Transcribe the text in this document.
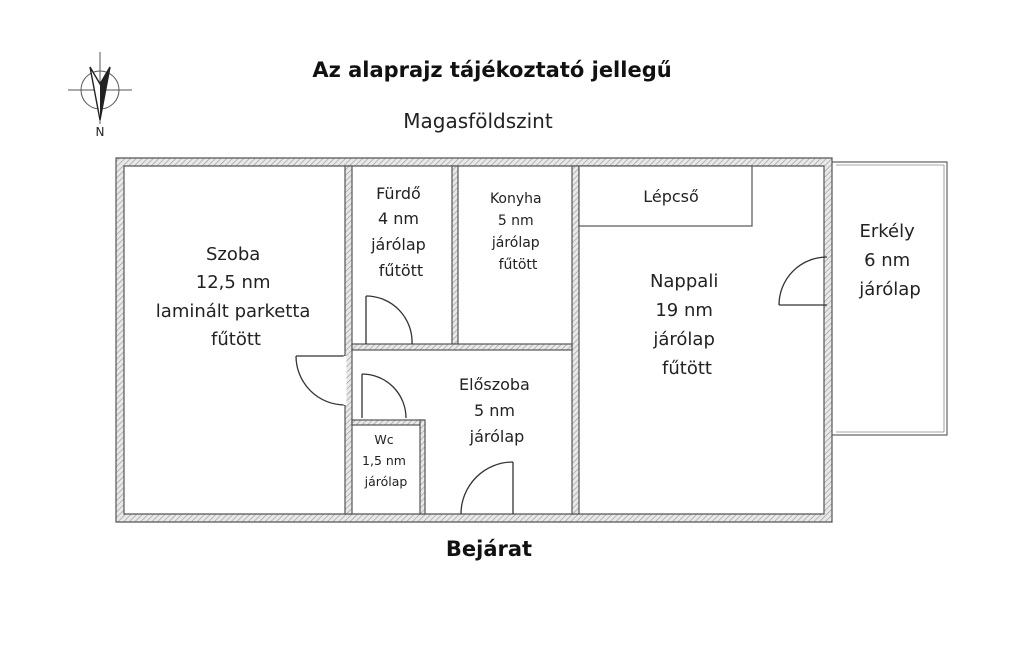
Az alaprajz tájékoztató jellegű
Magasföldszint
N
Szoba 12,5 nm laminált parketta fűtött
Fürdő 4 nm járólap fűtött
Konyha 5 nm járólap fűtött
Lépcső
Erkély 6 nm járólap
Nappali 19 nm járólap fűtött
Előszoba 5 nm járólap
Wc 1,5 nm járólap
Bejárat
